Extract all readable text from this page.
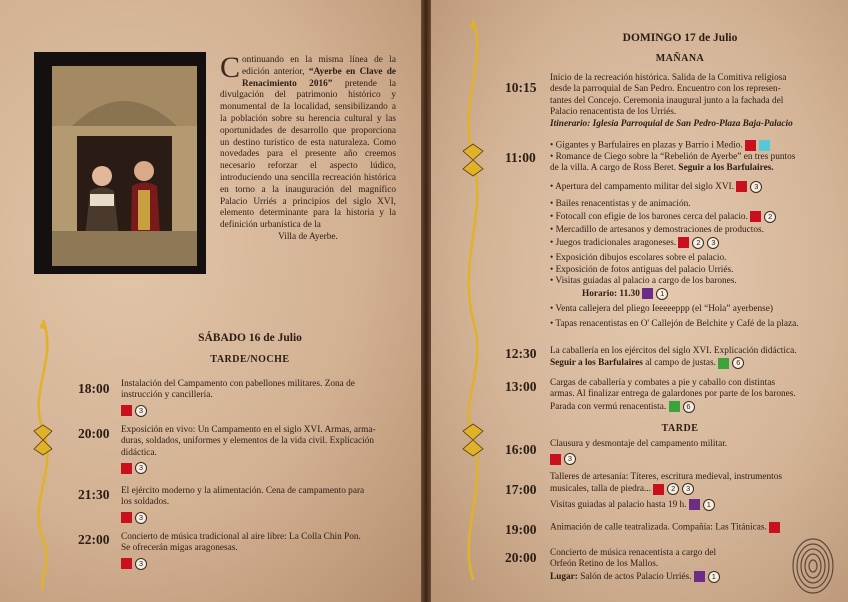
Continuando en la misma línea de la edición anterior, “Ayerbe en Clave de Renacimiento 2016” pretende la divulgación del patrimonio histórico y monumental de la localidad, sensibilizando a la población sobre su herencia cultural y las oportunidades de desarrollo que proporciona un destino turístico de esta naturaleza. Como novedades para el presente año creemos necesario reforzar el aspecto lúdico, introduciendo una sencilla recreación histórica en torno a la inauguración del magnífico Palacio Urriés a principios del siglo XVI, elemento determinante para la historia y la definición urbanística de la
Villa de Ayerbe.
SÁBADO 16 de Julio
TARDE/NOCHE
18:00 Instalación del Campamento con pabellones militares. Zona de
instrucción y cancillería.
3
20:00 Exposición en vivo: Un Campamento en el siglo XVI. Armas, arma-
duras, soldados, uniformes y elementos de la vida civil. Explicación
didáctica.
3
21:30 El ejército moderno y la alimentación. Cena de campamento para
los soldados.
3
22:00 Concierto de música tradicional al aire libre: La Colla Chin Pon.
Se ofrecerán migas aragonesas.
3
DOMINGO 17 de Julio
MAÑANA
10:15
Inicio de la recreación histórica. Salida de la Comitiva religiosa
desde la parroquial de San Pedro. Encuentro con los represen-
tantes del Concejo. Ceremonia inaugural junto a la fachada del
Palacio renacentista de los Urriés.
Itinerario: Iglesia Parroquial de San Pedro-Plaza Baja-Palacio
11:00
• Gigantes y Barfulaires en plazas y Barrio i Medio.
• Romance de Ciego sobre la “Rebelión de Ayerbe” en tres puntos
de la villa. A cargo de Ross Beret. Seguir a los Barfulaires.
• Apertura del campamento militar del siglo XVI.	3
• Bailes renacentistas y de animación.
• Fotocall con efigie de los barones cerca del palacio.	2
• Mercadillo de artesanos y demostraciones de productos.
• Juegos tradicionales aragoneses.	2 3
• Exposición dibujos escolares sobre el palacio.
• Exposición de fotos antiguas del palacio Urriés.
• Visitas guiadas al palacio a cargo de los barones.
Horario: 11.30	1
• Venta callejera del pliego Ieeeeeppp (el “Hola” ayerbense)
• Tapas renacentistas en O' Callejón de Belchite y Café de la plaza.
12:30 La caballería en los ejércitos del siglo XVI. Explicación didáctica.
Seguir a los Barfulaires al campo de justas.	6
13:00 Cargas de caballería y combates a pie y caballo con distintas
armas. Al finalizar entrega de galardones por parte de los barones.
Parada con vermú renacentista.	6
TARDE
16:00 Clausura y desmontaje del campamento militar.
3
17:00
Talleres de artesanía: Títeres, escritura medieval, instrumentos
musicales, talla de piedra...	2 3
Visitas guiadas al palacio hasta 19 h.	1
19:00 Animación de calle teatralizada. Compañía: Las Titánicas.
20:00 Concierto de música renacentista a cargo del
Orfeón Retino de los Mallos.
Lugar: Salón de actos Palacio Urriés.	1
